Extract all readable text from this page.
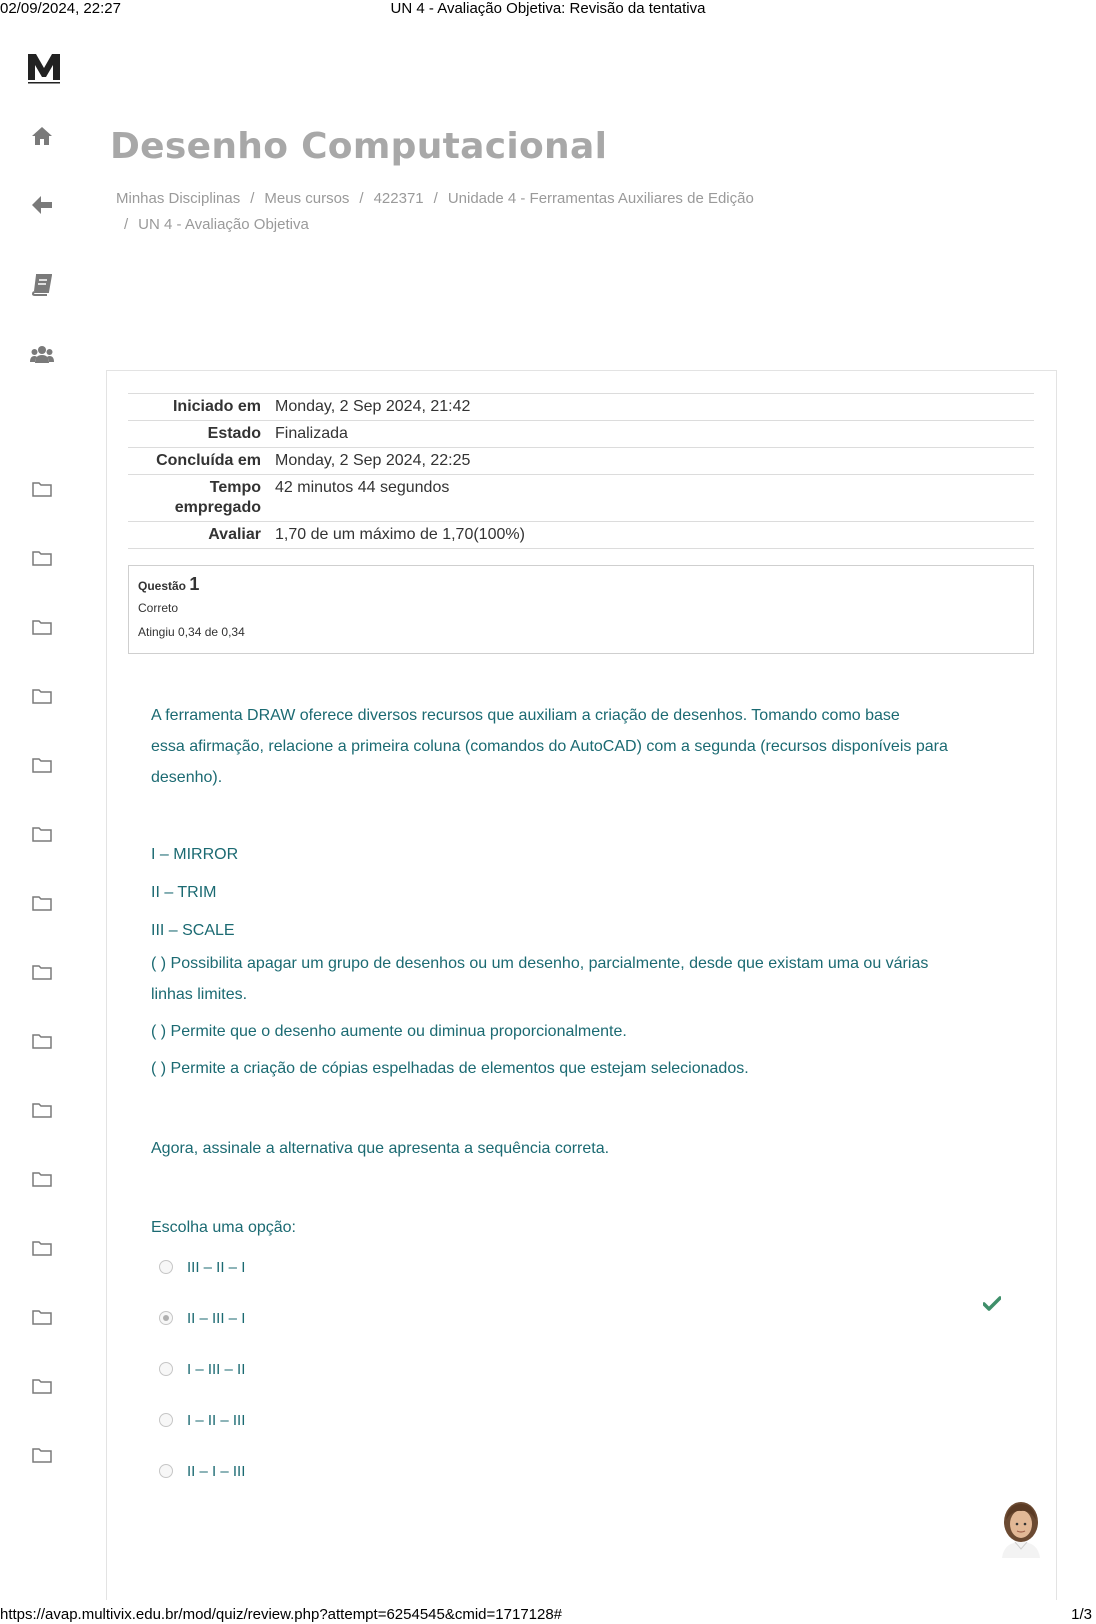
02/09/2024, 22:27	UN 4 - Avaliação Objetiva: Revisão da tentativa
Desenho Computacional
Minhas Disciplinas / Meus cursos / 422371 / Unidade 4 - Ferramentas Auxiliares de Edição
/ UN 4 - Avaliação Objetiva
Iniciado em	Monday, 2 Sep 2024, 21:42
Estado	Finalizada
Concluída em	Monday, 2 Sep 2024, 22:25
Tempo empregado	42 minutos 44 segundos
Avaliar	1,70 de um máximo de 1,70(100%)
Questão 1
Correto
Atingiu 0,34 de 0,34
A ferramenta DRAW oferece diversos recursos que auxiliam a criação de desenhos. Tomando como base
essa afirmação, relacione a primeira coluna (comandos do AutoCAD) com a segunda (recursos disponíveis para
desenho).
I – MIRROR
II – TRIM
III – SCALE
( ) Possibilita apagar um grupo de desenhos ou um desenho, parcialmente, desde que existam uma ou várias
linhas limites.
( ) Permite que o desenho aumente ou diminua proporcionalmente.
( ) Permite a criação de cópias espelhadas de elementos que estejam selecionados.
Agora, assinale a alternativa que apresenta a sequência correta.
Escolha uma opção:
III – II – I
II – III – I
I – III – II
I – II – III
II – I – III
https://avap.multivix.edu.br/mod/quiz/review.php?attempt=6254545&cmid=1717128#	1/3
